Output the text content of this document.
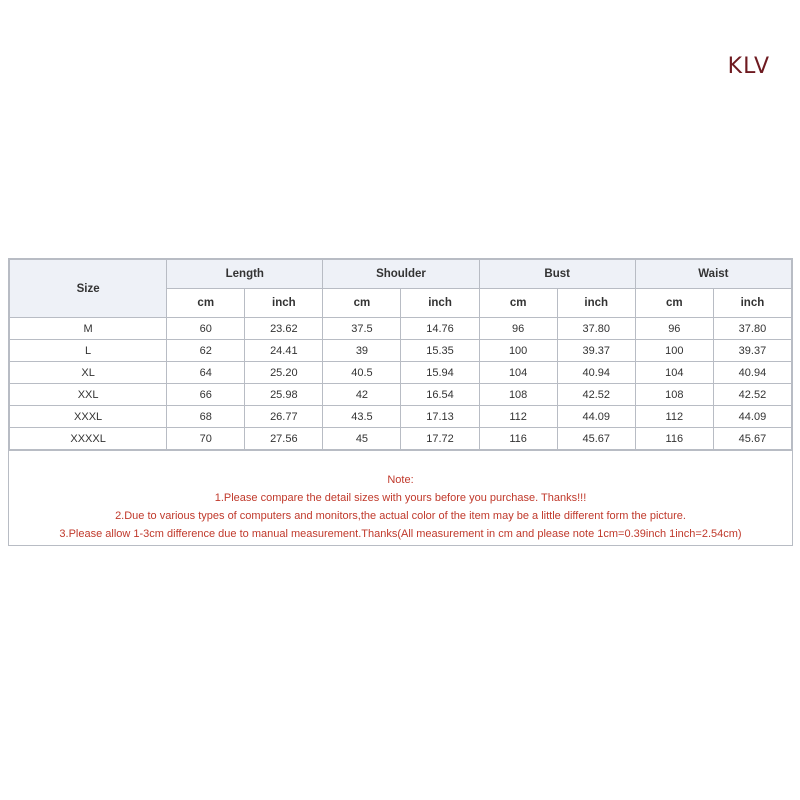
KLV
Size	Length		Shoulder		Bust		Waist	
	cm	inch	cm	inch	cm	inch	cm	inch
M	60	23.62	37.5	14.76	96	37.80	96	37.80
L	62	24.41	39	15.35	100	39.37	100	39.37
XL	64	25.20	40.5	15.94	104	40.94	104	40.94
XXL	66	25.98	42	16.54	108	42.52	108	42.52
XXXL	68	26.77	43.5	17.13	112	44.09	112	44.09
XXXXL	70	27.56	45	17.72	116	45.67	116	45.67
Note:
1.Please compare the detail sizes with yours before you purchase. Thanks!!!
2.Due to various types of computers and monitors,the actual color of the item may be a little different form the picture.
3.Please allow 1-3cm difference due to manual measurement.Thanks(All measurement in cm and please note 1cm=0.39inch 1inch=2.54cm)
